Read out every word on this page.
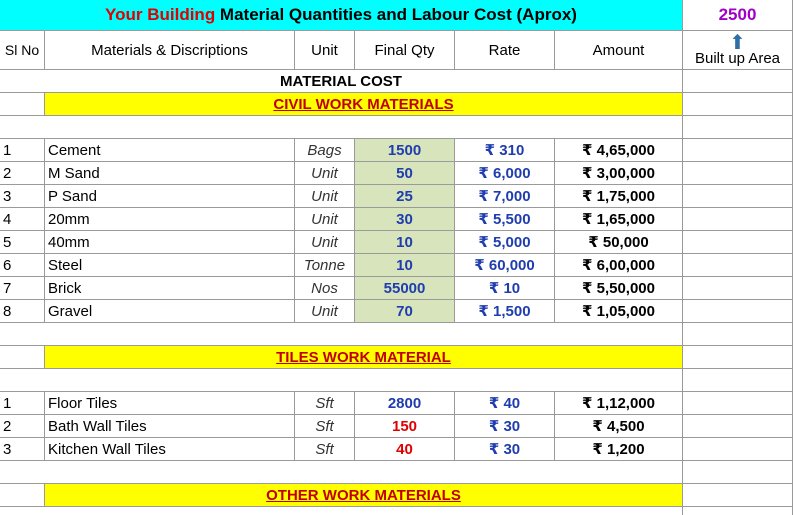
Your Building Material Quantities and Labour Cost (Aprox)	2500
Sl No	Materials & Discriptions	Unit	Final Qty	Rate	Amount	⬆
Built up Area
MATERIAL COST
CIVIL WORK MATERIALS
1	Cement	Bags	1500	₹ 310	₹ 4,65,000
2	M Sand	Unit	50	₹ 6,000	₹ 3,00,000
3	P Sand	Unit	25	₹ 7,000	₹ 1,75,000
4	20mm	Unit	30	₹ 5,500	₹ 1,65,000
5	40mm	Unit	10	₹ 5,000	₹ 50,000
6	Steel	Tonne	10	₹ 60,000	₹ 6,00,000
7	Brick	Nos	55000	₹ 10	₹ 5,50,000
8	Gravel	Unit	70	₹ 1,500	₹ 1,05,000
TILES WORK MATERIAL
1	Floor Tiles	Sft	2800	₹ 40	₹ 1,12,000
2	Bath Wall Tiles	Sft	150	₹ 30	₹ 4,500
3	Kitchen Wall Tiles	Sft	40	₹ 30	₹ 1,200
OTHER WORK MATERIALS
